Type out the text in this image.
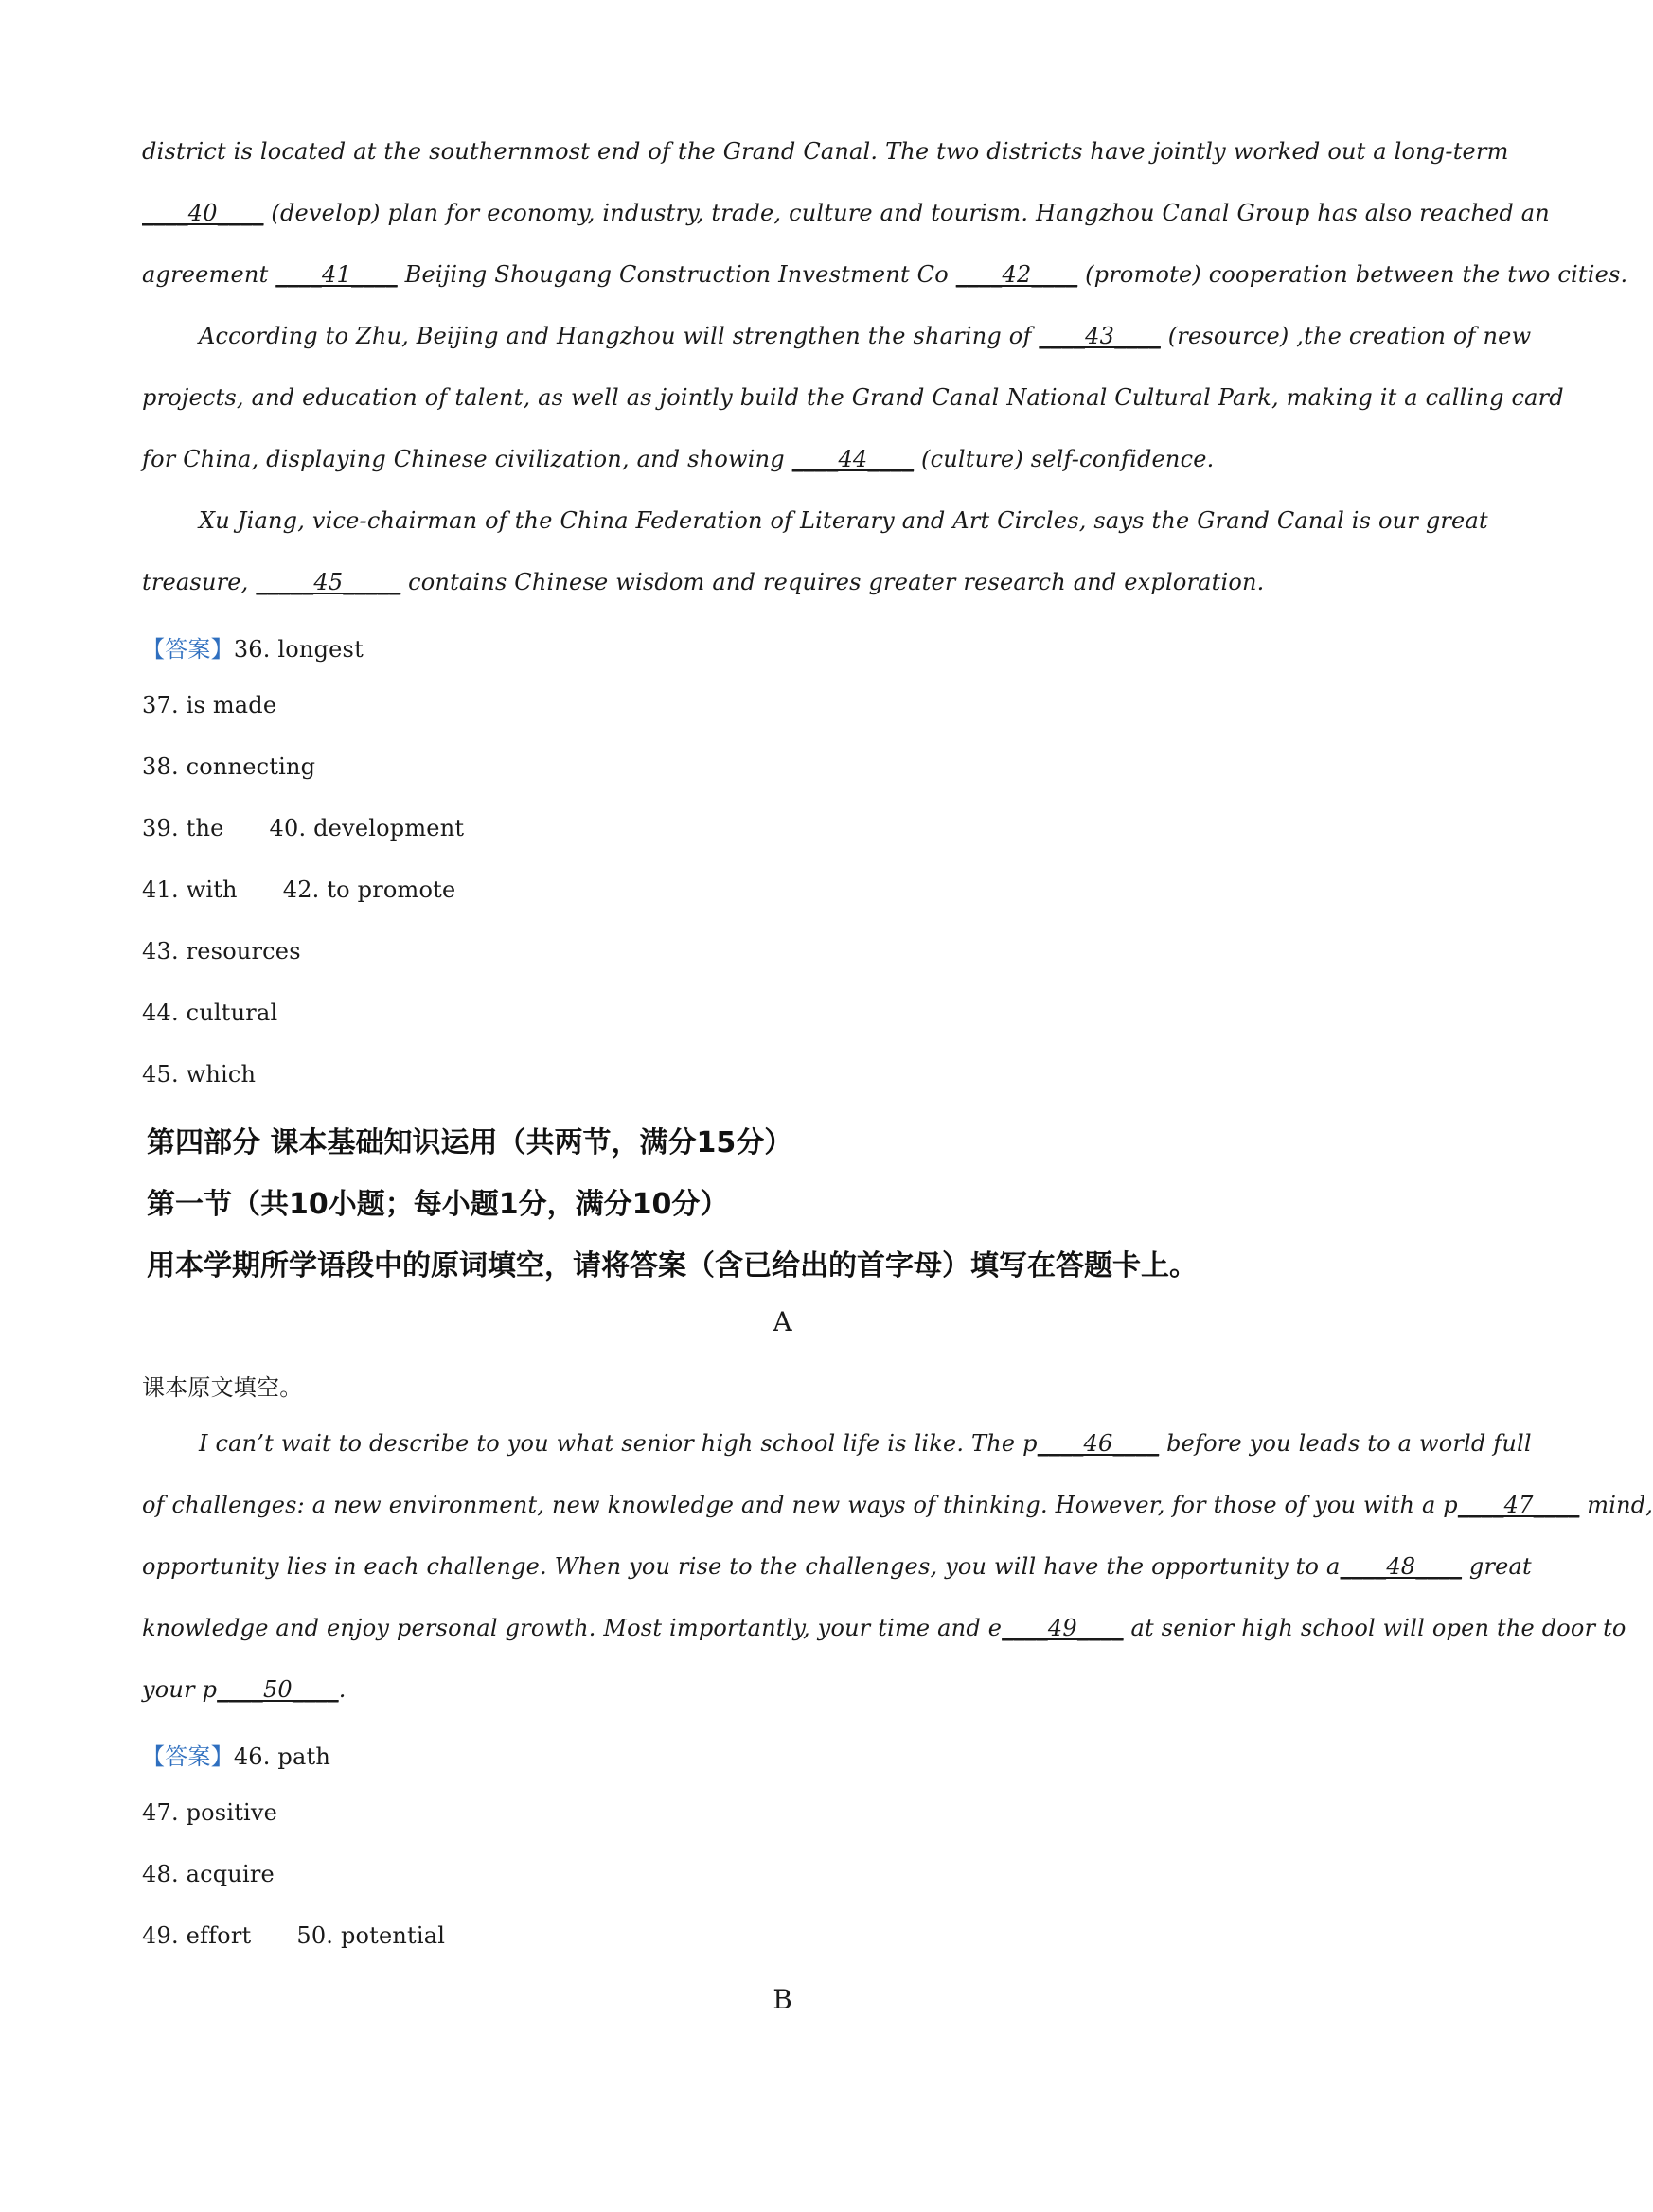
district is located at the southernmost end of the Grand Canal. The two districts have jointly worked out a long-term
____40____ (develop) plan for economy, industry, trade, culture and tourism. Hangzhou Canal Group has also reached an
agreement ____41____ Beijing Shougang Construction Investment Co ____42____ (promote) cooperation between the two cities.
According to Zhu, Beijing and Hangzhou will strengthen the sharing of ____43____ (resource) ,the creation of new
projects, and education of talent, as well as jointly build the Grand Canal National Cultural Park, making it a calling card
for China, displaying Chinese civilization, and showing ____44____ (culture) self-confidence.
Xu Jiang, vice-chairman of the China Federation of Literary and Art Circles, says the Grand Canal is our great
treasure, _____45_____ contains Chinese wisdom and requires greater research and exploration.
【答案】36. longest
37. is made
38. connecting
39. the 40. development
41. with 42. to promote
43. resources
44. cultural
45. which
第四部分 课本基础知识运用（共两节，满分15分）
第一节（共10小题；每小题1分，满分10分）
用本学期所学语段中的原词填空，请将答案（含已给出的首字母）填写在答题卡上。
A
课本原文填空。
I can’t wait to describe to you what senior high school life is like. The p____46____ before you leads to a world full
of challenges: a new environment, new knowledge and new ways of thinking. However, for those of you with a p____47____ mind,
opportunity lies in each challenge. When you rise to the challenges, you will have the opportunity to a____48____ great
knowledge and enjoy personal growth. Most importantly, your time and e____49____ at senior high school will open the door to
your p____50____.
【答案】46. path
47. positive
48. acquire
49. effort 50. potential
B
